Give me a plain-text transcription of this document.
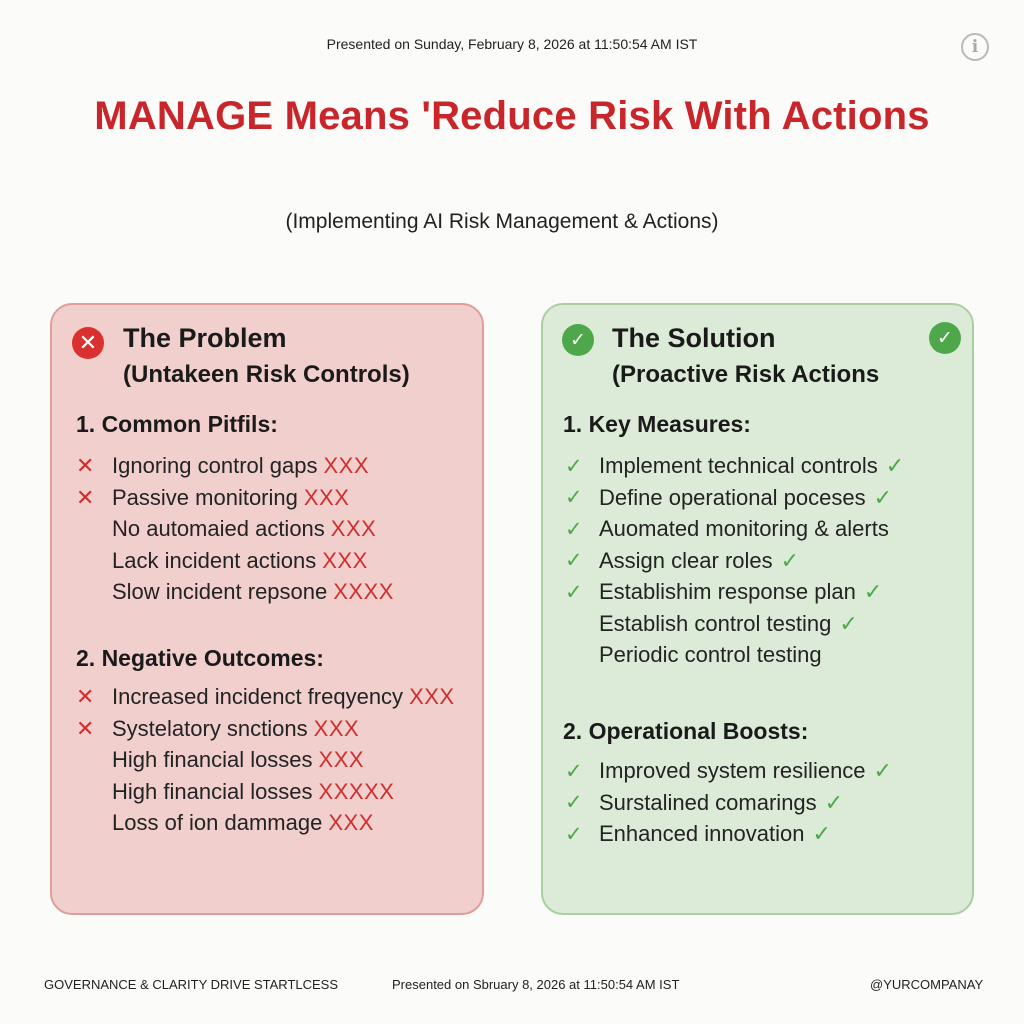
Presented on Sunday, February 8, 2026 at 11:50:54 AM IST	i
MANAGE Means 'Reduce Risk With Actions
(Implementing AI Risk Management & Actions)
✕ The Problem
(Untakeen Risk Controls)
1. Common Pitfils:
✕ Ignoring control gaps XXX
✕ Passive monitoring XXX
No automaied actions XXX
Lack incident actions XXX
Slow incident repsone XXXX
2. Negative Outcomes:
✕ Increased incidenct freqyency XXX
✕ Systelatory snctions XXX
High financial losses XXX
High financial losses XXXXX
Loss of ion dammage XXX
✓	✓
The Solution
(Proactive Risk Actions
1. Key Measures:
✓ Implement technical controls ✓
✓ Define operational poceses ✓
✓ Auomated monitoring & alerts
✓ Assign clear roles ✓
✓ Establishim response plan ✓
Establish control testing ✓
Periodic control testing
2. Operational Boosts:
✓ Improved system resilience ✓
✓ Surstalined comarings ✓
✓ Enhanced innovation ✓
GOVERNANCE & CLARITY DRIVE STARTLCESS	Presented on Sbruary 8, 2026 at 11:50:54 AM IST	@YURCOMPANAY
